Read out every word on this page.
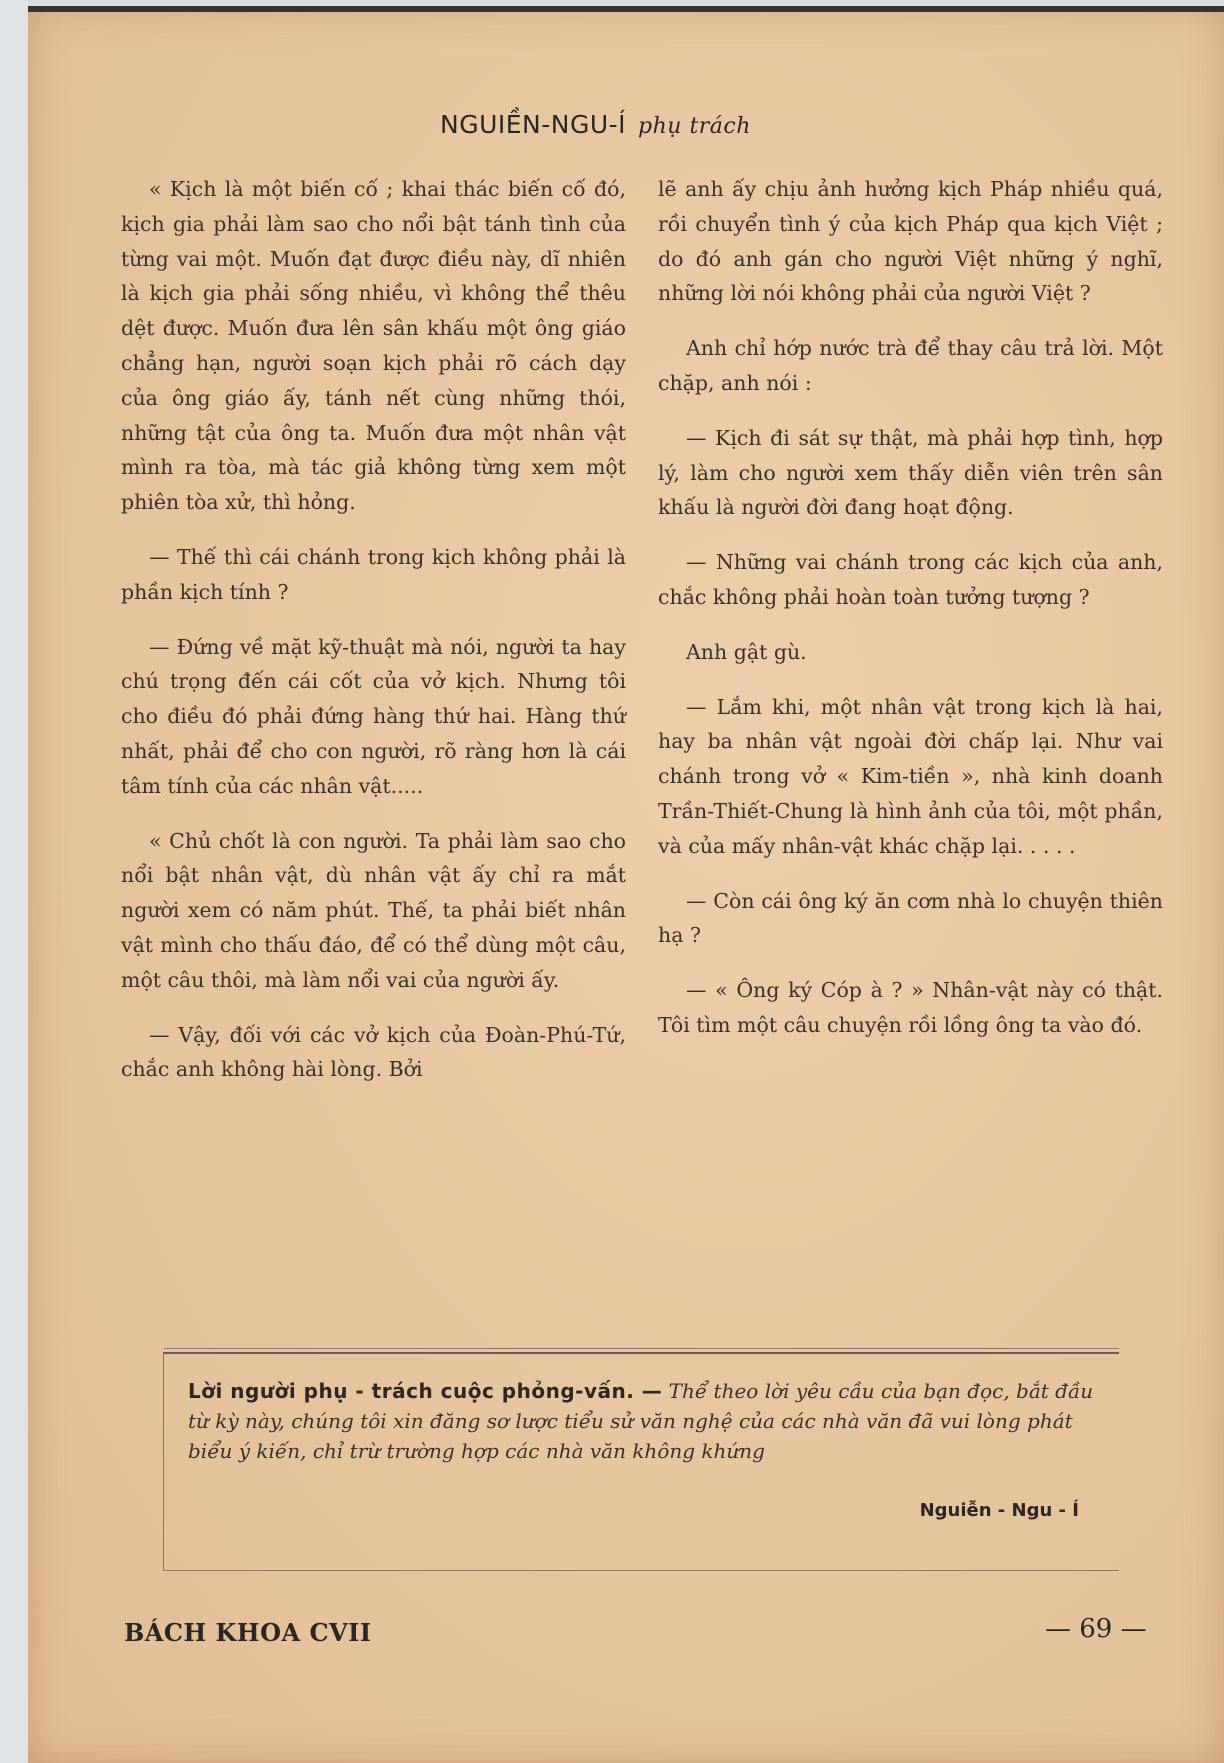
NGUIỀN-NGU-Í phụ trách

« Kịch là một biến cố ; khai thác biến cố đó, kịch gia phải làm sao cho nổi bật tánh tình của từng vai một. Muốn đạt được điều này, dĩ nhiên là kịch gia phải sống nhiều, vì không thể thêu dệt được. Muốn đưa lên sân khấu một ông giáo chẳng hạn, người soạn kịch phải rõ cách dạy của ông giáo ấy, tánh nết cùng những thói, những tật của ông ta. Muốn đưa một nhân vật mình ra tòa, mà tác giả không từng xem một phiên tòa xử, thì hỏng.

— Thế thì cái chánh trong kịch không phải là phần kịch tính ?

— Đứng về mặt kỹ-thuật mà nói, người ta hay chú trọng đến cái cốt của vở kịch. Nhưng tôi cho điều đó phải đứng hàng thứ hai. Hàng thứ nhất, phải để cho con người, rõ ràng hơn là cái tâm tính của các nhân vật.....

« Chủ chốt là con người. Ta phải làm sao cho nổi bật nhân vật, dù nhân vật ấy chỉ ra mắt người xem có năm phút. Thế, ta phải biết nhân vật mình cho thấu đáo, để có thể dùng một câu, một câu thôi, mà làm nổi vai của người ấy.

— Vậy, đối với các vở kịch của Đoàn-Phú-Tứ, chắc anh không hài lòng. Bởi

lẽ anh ấy chịu ảnh hưởng kịch Pháp nhiều quá, rồi chuyển tình ý của kịch Pháp qua kịch Việt ; do đó anh gán cho người Việt những ý nghĩ, những lời nói không phải của người Việt ?

Anh chỉ hớp nước trà để thay câu trả lời. Một chặp, anh nói :

— Kịch đi sát sự thật, mà phải hợp tình, hợp lý, làm cho người xem thấy diễn viên trên sân khấu là người đời đang hoạt động.

— Những vai chánh trong các kịch của anh, chắc không phải hoàn toàn tưởng tượng ?

Anh gật gù.

— Lắm khi, một nhân vật trong kịch là hai, hay ba nhân vật ngoài đời chấp lại. Như vai chánh trong vở « Kim-tiền », nhà kinh doanh Trần-Thiết-Chung là hình ảnh của tôi, một phần, và của mấy nhân-vật khác chặp lại. . . . .

— Còn cái ông ký ăn cơm nhà lo chuyện thiên hạ ?

— « Ông ký Cóp à ? » Nhân-vật này có thật. Tôi tìm một câu chuyện rồi lồng ông ta vào đó.

Lời người phụ - trách cuộc phỏng-vấn. — Thể theo lời yêu cầu của bạn đọc, bắt đầu từ kỳ này, chúng tôi xin đăng sơ lược tiểu sử văn nghệ của các nhà văn đã vui lòng phát biểu ý kiến, chỉ trừ trường hợp các nhà văn không khứng
Nguiễn - Ngu - Í
BÁCH KHOA CVII	— 69 —
